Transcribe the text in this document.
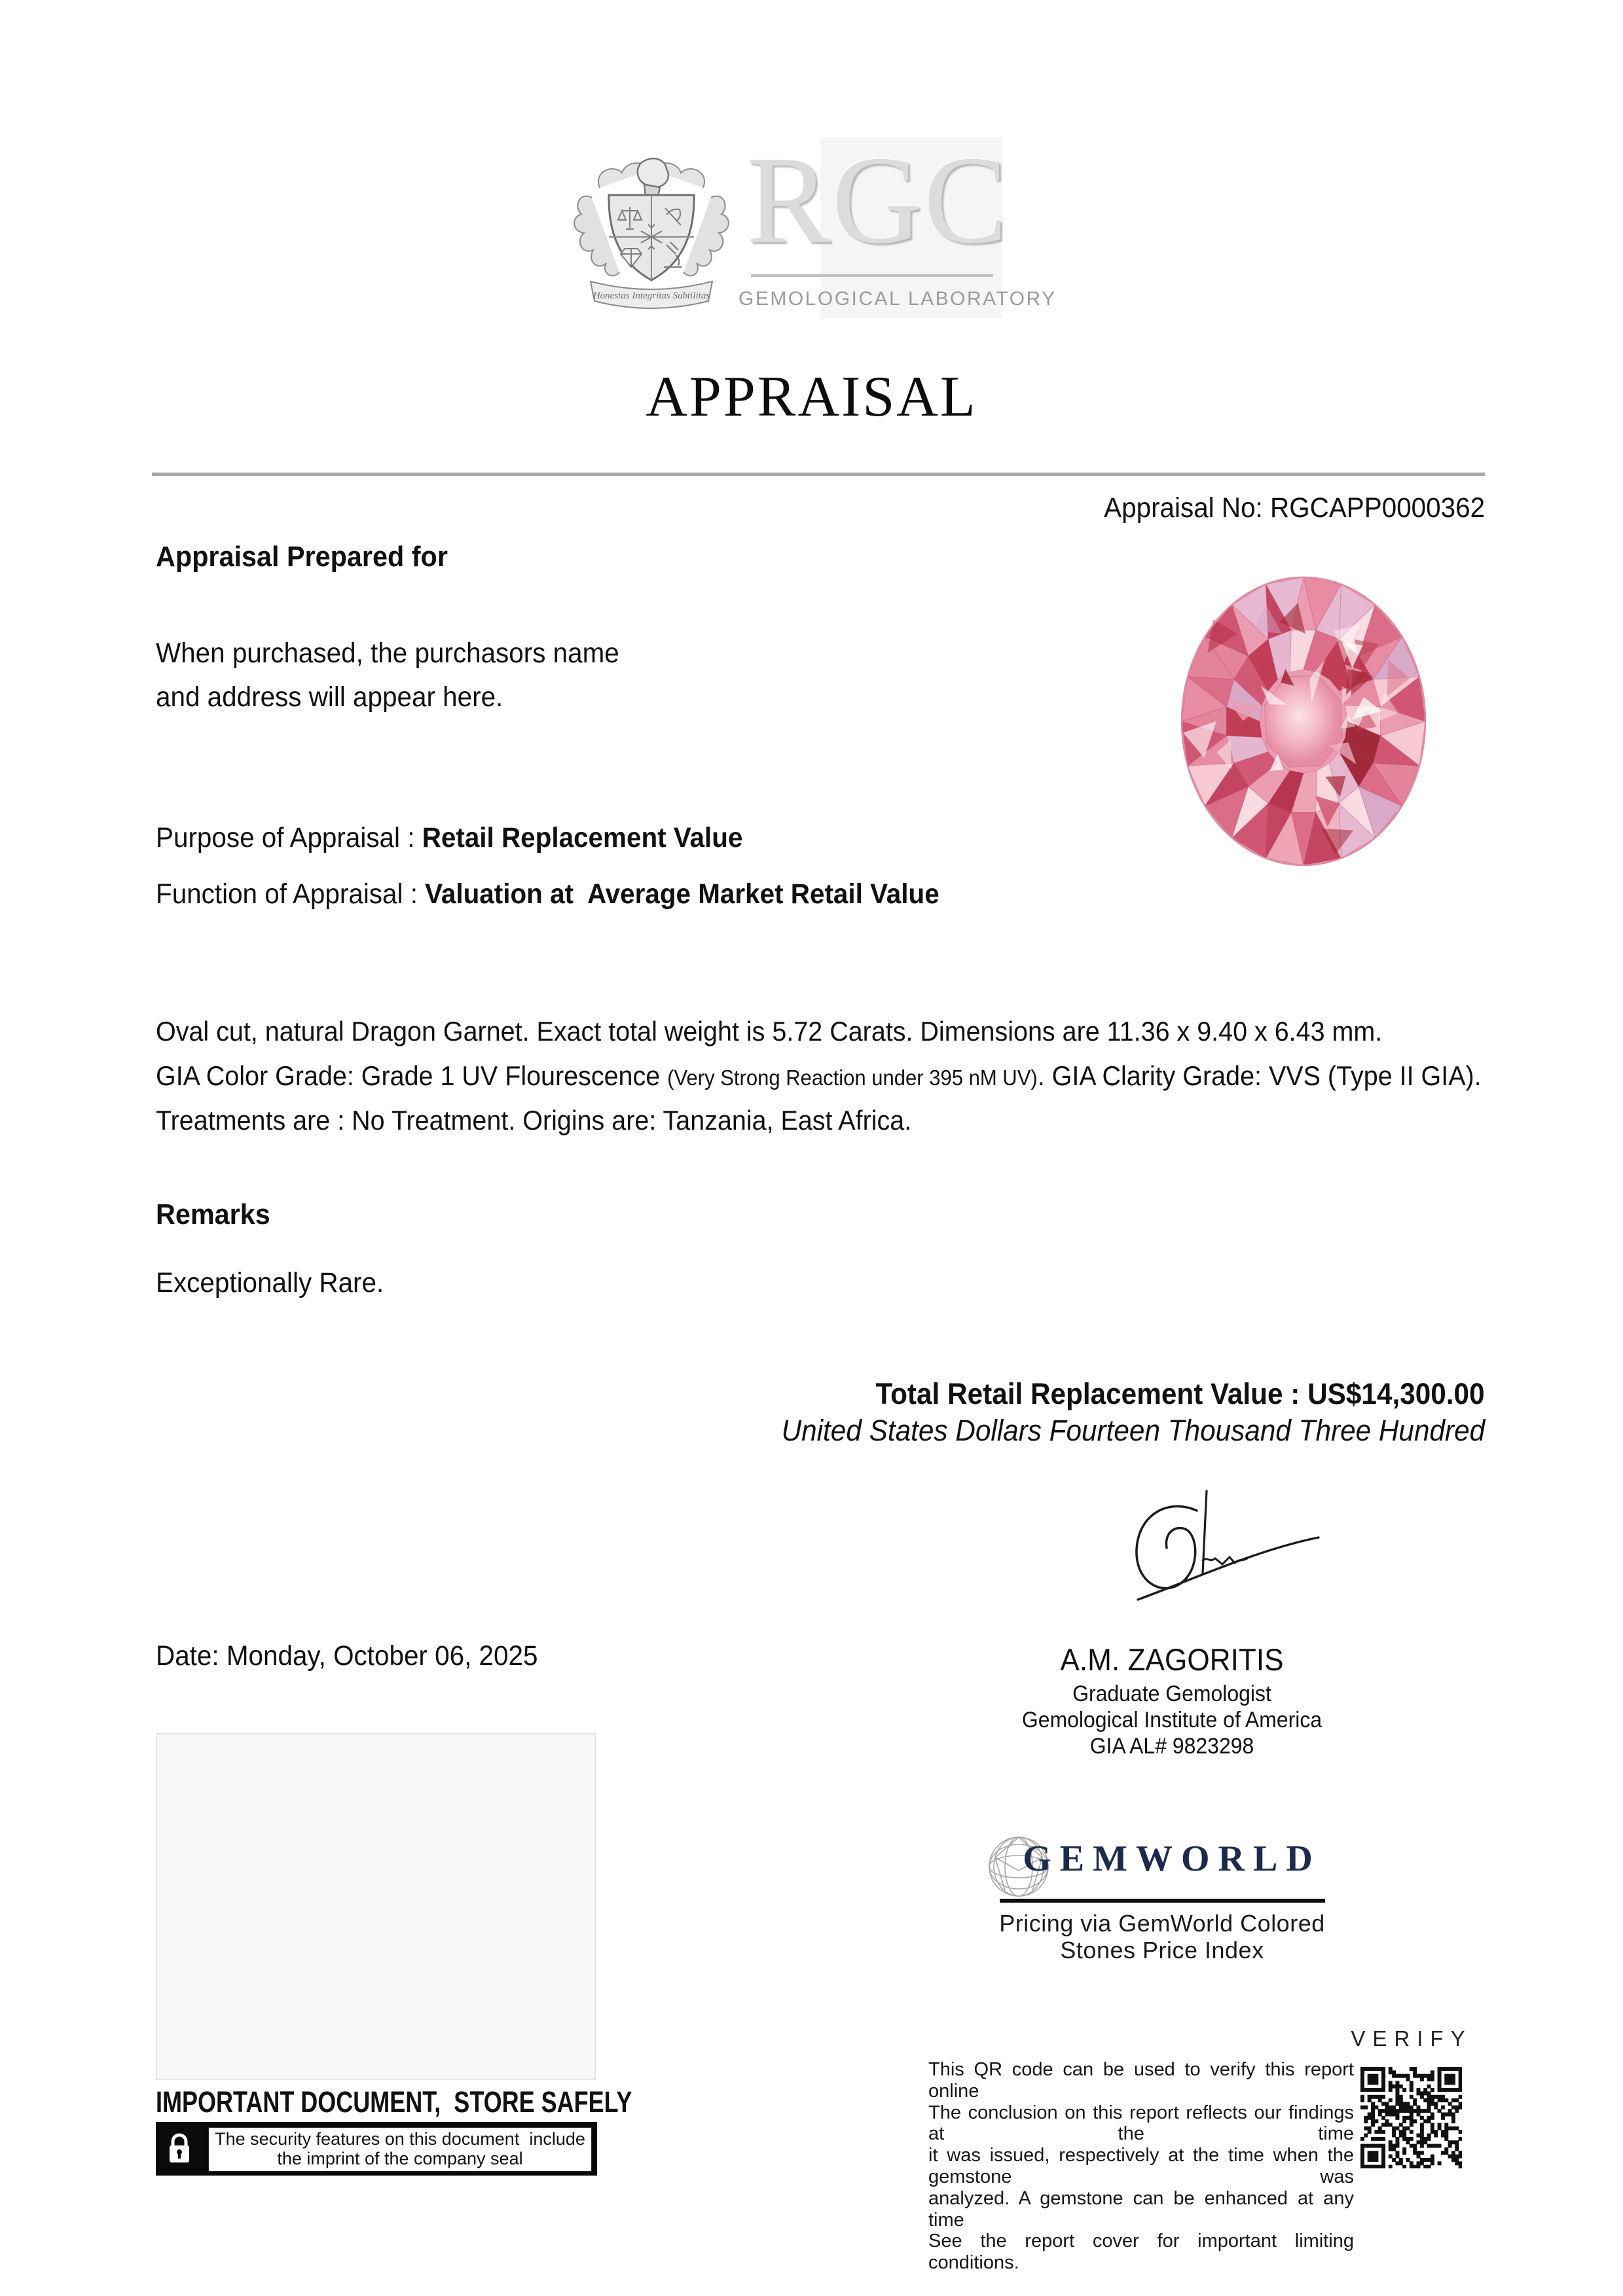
Honestas Integritas Subtilitas
RGC
GEMOLOGICAL LABORATORY
APPRAISAL
Appraisal No: RGCAPP0000362
Appraisal Prepared for
When purchased, the purchasors name
and address will appear here.
Purpose of Appraisal : Retail Replacement Value
Function of Appraisal : Valuation at  Average Market Retail Value
Oval cut, natural Dragon Garnet. Exact total weight is 5.72 Carats. Dimensions are 11.36 x 9.40 x 6.43 mm.
GIA Color Grade: Grade 1 UV Flourescence (Very Strong Reaction under 395 nM UV). GIA Clarity Grade: VVS (Type II GIA).
Treatments are : No Treatment. Origins are: Tanzania, East Africa.
Remarks
Exceptionally Rare.
Total Retail Replacement Value : US$14,300.00
United States Dollars Fourteen Thousand Three Hundred
A.M. ZAGORITIS
Graduate Gemologist
Gemological Institute of America
GIA AL# 9823298
Date: Monday, October 06, 2025
GEMWORLD
Pricing via GemWorld Colored
Stones Price Index
VERIFY
This QR code can be used to verify this report online
The conclusion on this report reflects our findings at the time
it was issued, respectively at the time when the gemstone was
analyzed. A gemstone can be enhanced at any time
See the report cover for important limiting conditions.
IMPORTANT DOCUMENT,  STORE SAFELY
The security features on this document  include
the imprint of the company seal
